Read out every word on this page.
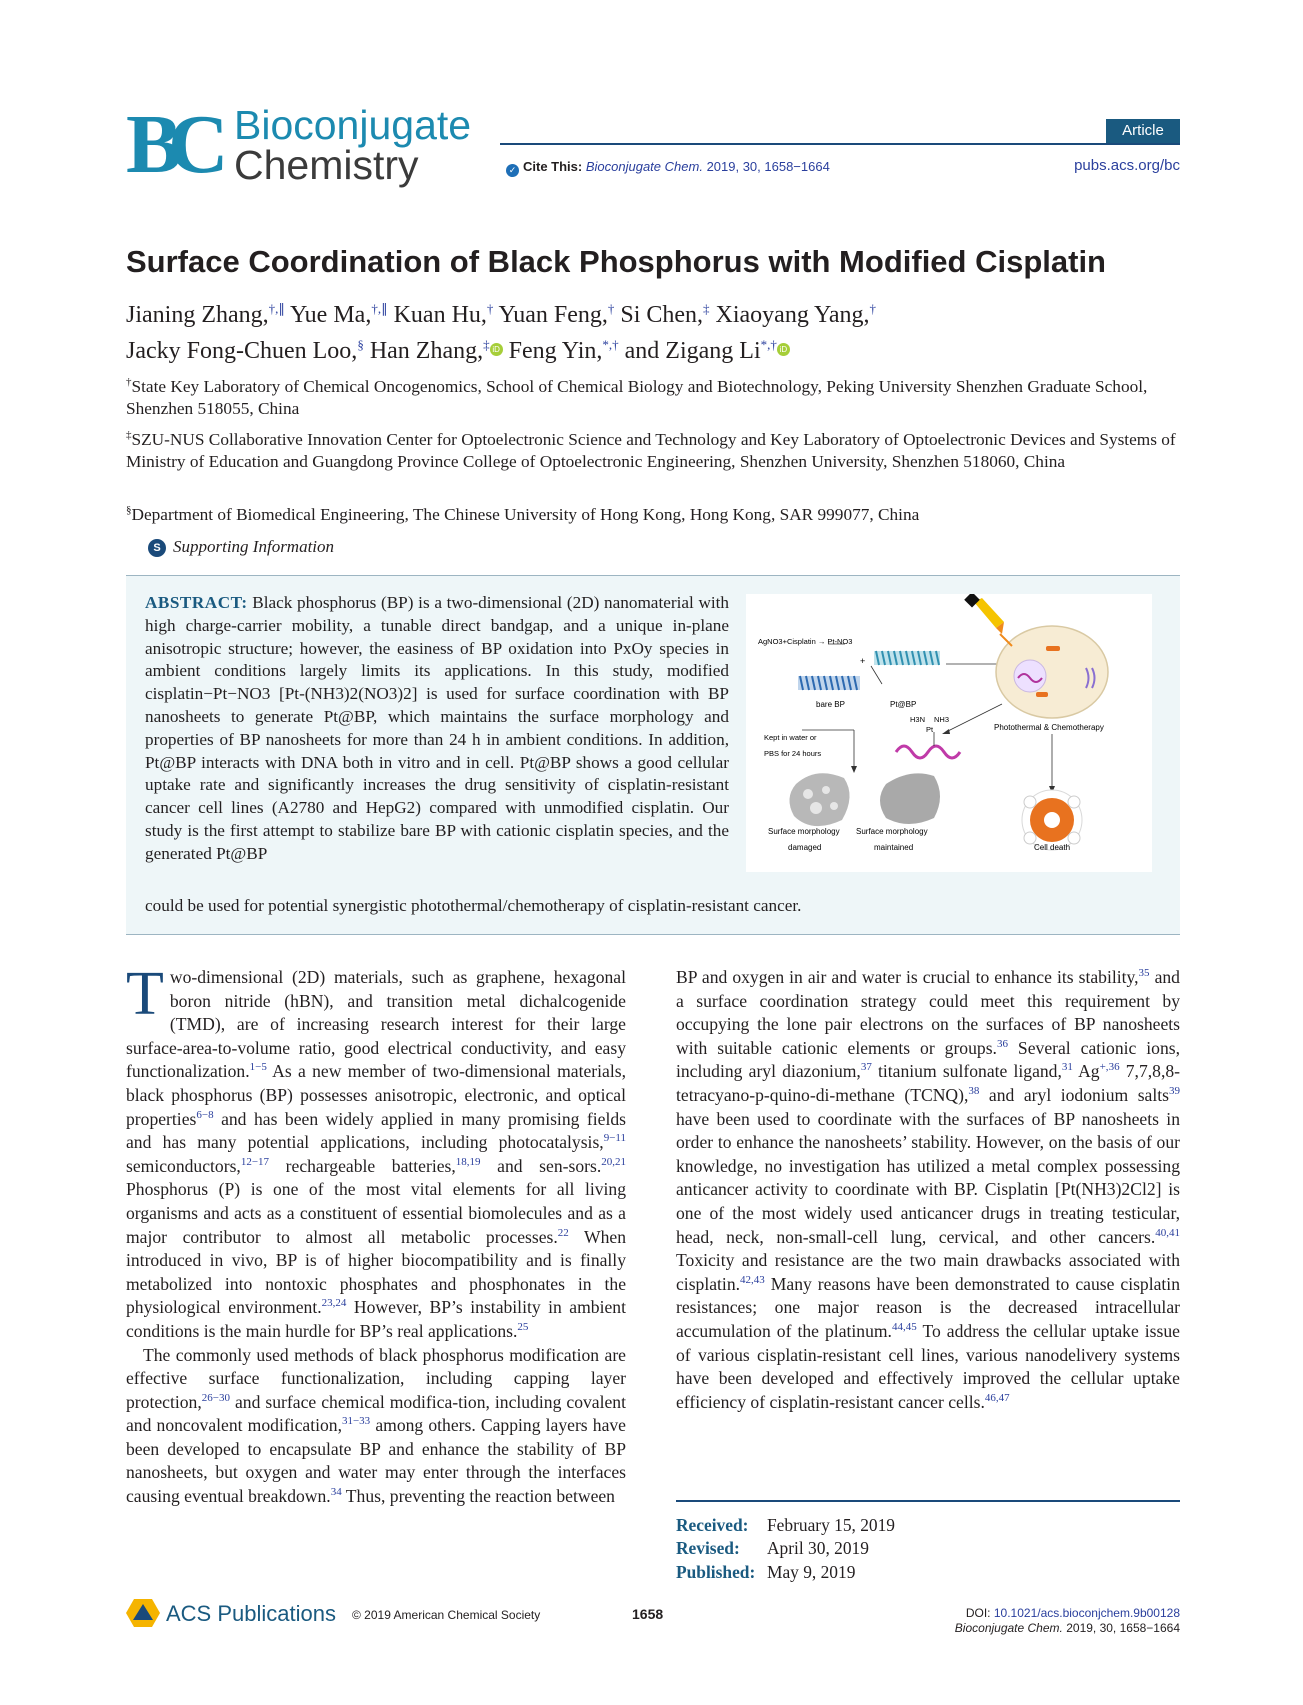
BC Bioconjugate
Chemistry
Article
✓ Cite This: Bioconjugate Chem. 2019, 30, 1658−1664	pubs.acs.org/bc
Surface Coordination of Black Phosphorus with Modified Cisplatin
Jianing Zhang,†,∥ Yue Ma,†,∥ Kuan Hu,† Yuan Feng,† Si Chen,‡ Xiaoyang Yang,†
Jacky Fong-Chuen Loo,§ Han Zhang,‡ iD Feng Yin,*,† and Zigang Li*,† iD
†State Key Laboratory of Chemical Oncogenomics, School of Chemical Biology and Biotechnology, Peking University Shenzhen Graduate School, Shenzhen 518055, China
‡SZU-NUS Collaborative Innovation Center for Optoelectronic Science and Technology and Key Laboratory of Optoelectronic Devices and Systems of Ministry of Education and Guangdong Province College of Optoelectronic Engineering, Shenzhen University, Shenzhen 518060, China
§Department of Biomedical Engineering, The Chinese University of Hong Kong, Hong Kong, SAR 999077, China
S Supporting Information
ABSTRACT: Black phosphorus (BP) is a two-dimensional (2D) nanomaterial with high charge-carrier mobility, a tunable direct bandgap, and a unique in-plane anisotropic structure; however, the easiness of BP oxidation into PxOy species in ambient conditions largely limits its applications. In this study, modified cisplatin−Pt−NO3 [Pt-(NH3)2(NO3)2] is used for surface coordination with BP nanosheets to generate Pt@BP, which maintains the surface morphology and properties of BP nanosheets for more than 24 h in ambient conditions. In addition, Pt@BP interacts with DNA both in vitro and in cell. Pt@BP shows a good cellular uptake rate and significantly increases the drug sensitivity of cisplatin-resistant cancer cell lines (A2780 and HepG2) compared with unmodified cisplatin. Our study is the first attempt to stabilize bare BP with cationic cisplatin species, and the generated Pt@BP
could be used for potential synergistic photothermal/chemotherapy of cisplatin-resistant cancer.
AgNO3+Cisplatin → Pt-NO3
+
bare BP	Pt@BP
H3N NH3
Pt	Photothermal & Chemotherapy
Kept in water or
PBS for 24 hours
Surface morphology
damaged
Surface morphology
maintained	Cell death
Two-dimensional (2D) materials, such as graphene, hexagonal boron nitride (hBN), and transition metal dichalcogenide (TMD), are of increasing research interest for their large surface-area-to-volume ratio, good electrical conductivity, and easy functionalization.$^{1-5}$ As a new member of two-dimensional materials, black phosphorus (BP) possesses anisotropic, electronic, and optical properties$^{6-8}$ and has been widely applied in many promising fields and has many potential applications, including photocatalysis,$^{9-11}$ semiconductors,$^{12-17}$ rechargeable batteries,$^{18,19}$ and sen-sors.$^{20,21}$ Phosphorus (P) is one of the most vital elements for all living organisms and acts as a constituent of essential biomolecules and as a major contributor to almost all metabolic processes.$^{22}$ When introduced in vivo, BP is of higher biocompatibility and is finally metabolized into nontoxic phosphates and phosphonates in the physiological environment.$^{23,24}$ However, BP’s instability in ambient conditions is the main hurdle for BP’s real applications.$^{25}$
The commonly used methods of black phosphorus modification are effective surface functionalization, including capping layer protection,$^{26-30}$ and surface chemical modifica-tion, including covalent and noncovalent modification,$^{31-33}$ among others. Capping layers have been developed to encapsulate BP and enhance the stability of BP nanosheets, but oxygen and water may enter through the interfaces causing eventual breakdown.$^{34}$ Thus, preventing the reaction between
BP and oxygen in air and water is crucial to enhance its stability,$^{35}$ and a surface coordination strategy could meet this requirement by occupying the lone pair electrons on the surfaces of BP nanosheets with suitable cationic elements or groups.$^{36}$ Several cationic ions, including aryl diazonium,$^{37}$ titanium sulfonate ligand,$^{31}$ $Ag^{+,36}$ 7,7,8,8-tetracyano-p-quino-di-methane (TCNQ),$^{38}$ and aryl iodonium salts$^{39}$ have been used to coordinate with the surfaces of BP nanosheets in order to enhance the nanosheets’ stability. However, on the basis of our knowledge, no investigation has utilized a metal complex possessing anticancer activity to coordinate with BP. Cisplatin [Pt(NH3)2Cl2] is one of the most widely used anticancer drugs in treating testicular, head, neck, non-small-cell lung, cervical, and other cancers.$^{40,41}$ Toxicity and resistance are the two main drawbacks associated with cisplatin.$^{42,43}$ Many reasons have been demonstrated to cause cisplatin resistances; one major reason is the decreased intracellular accumulation of the platinum.$^{44,45}$ To address the cellular uptake issue of various cisplatin-resistant cell lines, various nanodelivery systems have been developed and effectively improved the cellular uptake efficiency of cisplatin-resistant cancer cells.$^{46,47}$
Received:	February 15, 2019
Revised:	April 30, 2019
Published: May 9, 2019
ACS Publications © 2019 American Chemical Society	1658	DOI: 10.1021/acs.bioconjchem.9b00128
Bioconjugate Chem. 2019, 30, 1658−1664
